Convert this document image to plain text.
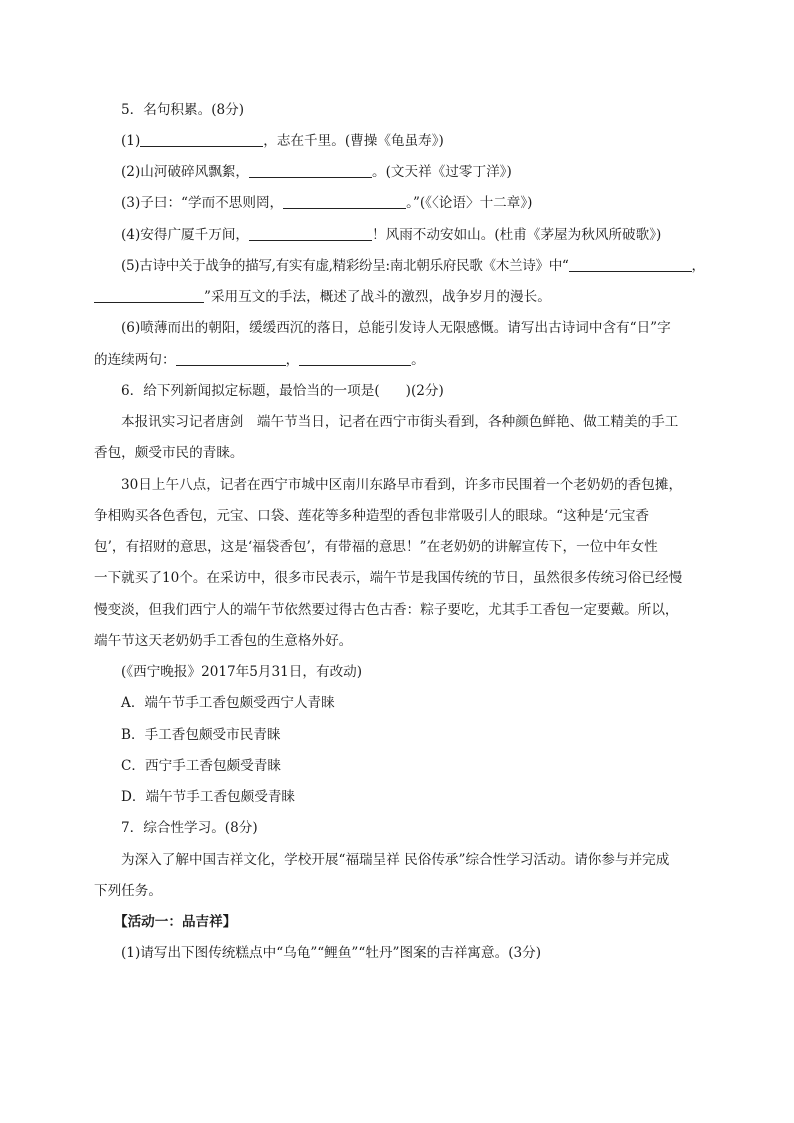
5．名句积累。(8分)
(1)	，志在千里。(曹操《龟虽寿》)
(2)山河破碎风飘絮，	。(文天祥《过零丁洋》)
(3)子曰：“学而不思则罔，	。”(《〈论语〉十二章》)
(4)安得广厦千万间，	！风雨不动安如山。(杜甫《茅屋为秋风所破歌》)
(5)古诗中关于战争的描写,有实有虚,精彩纷呈:南北朝乐府民歌《木兰诗》中“	，
”采用互文的手法，概述了战斗的激烈，战争岁月的漫长。
(6)喷薄而出的朝阳，缓缓西沉的落日，总能引发诗人无限感慨。请写出古诗词中含有“日”字
的连续两句：	，	。
6．给下列新闻拟定标题，最恰当的一项是( )(2分)
本报讯实习记者唐剑　端午节当日，记者在西宁市街头看到，各种颜色鲜艳、做工精美的手工
香包，颇受市民的青睐。
30日上午八点，记者在西宁市城中区南川东路早市看到，许多市民围着一个老奶奶的香包摊，
争相购买各色香包，元宝、口袋、莲花等多种造型的香包非常吸引人的眼球。“这种是‘元宝香
包’，有招财的意思，这是‘福袋香包’，有带福的意思！”在老奶奶的讲解宣传下，一位中年女性
一下就买了10个。在采访中，很多市民表示，端午节是我国传统的节日，虽然很多传统习俗已经慢
慢变淡，但我们西宁人的端午节依然要过得古色古香：粽子要吃，尤其手工香包一定要戴。所以，
端午节这天老奶奶手工香包的生意格外好。
(《西宁晚报》2017年5月31日，有改动)
A．端午节手工香包颇受西宁人青睐
B．手工香包颇受市民青睐
C．西宁手工香包颇受青睐
D．端午节手工香包颇受青睐
7．综合性学习。(8分)
为深入了解中国吉祥文化，学校开展“福瑞呈祥 民俗传承”综合性学习活动。请你参与并完成
下列任务。
【活动一：品吉祥】
(1)请写出下图传统糕点中“乌龟”“鲤鱼”“牡丹”图案的吉祥寓意。(3分)
